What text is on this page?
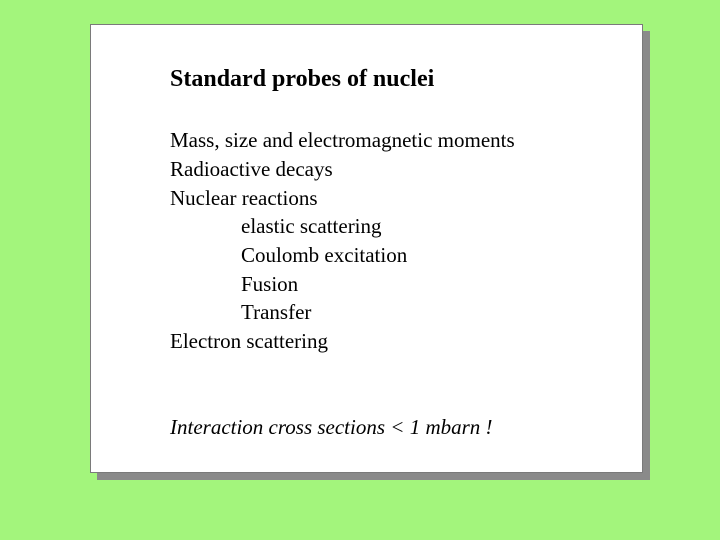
Standard probes of nuclei
Mass, size and electromagnetic moments
Radioactive decays
Nuclear reactions
elastic scattering
Coulomb excitation
Fusion
Transfer
Electron scattering
Interaction cross sections < 1 mbarn !
